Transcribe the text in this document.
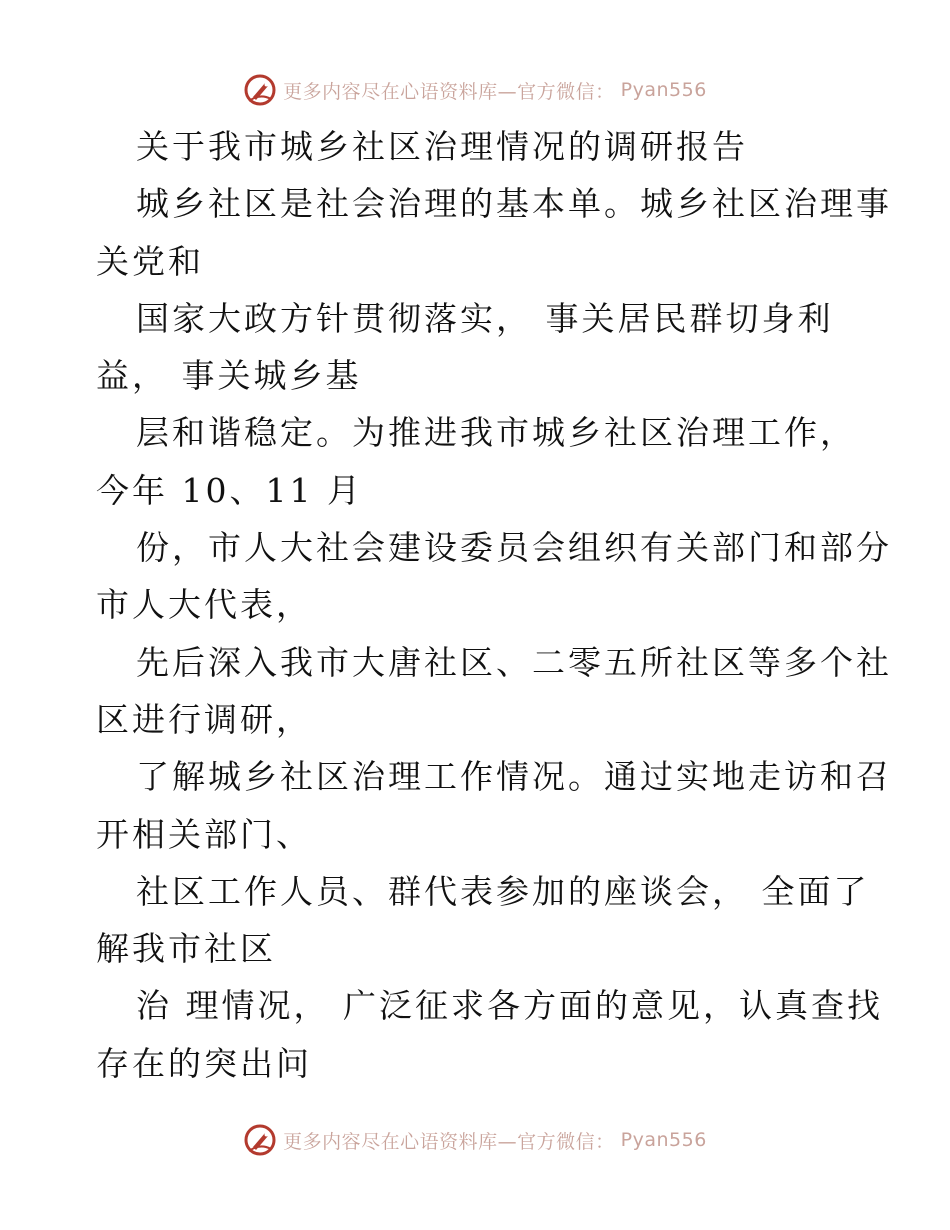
更多内容尽在心语资料库—官方微信： Pyan556
关于我市城乡社区治理情况的调研报告
城乡社区是社会治理的基本单。城乡社区治理事
关党和
国家大政方针贯彻落实， 事关居民群切身利
益， 事关城乡基
层和谐稳定。为推进我市城乡社区治理工作，
今年 10、11 月
份，市人大社会建设委员会组织有关部门和部分
市人大代表，
先后深入我市大唐社区、二零五所社区等多个社
区进行调研，
了解城乡社区治理工作情况。通过实地走访和召
开相关部门、
社区工作人员、群代表参加的座谈会， 全面了
解我市社区
治 理情况， 广泛征求各方面的意见，认真查找
存在的突出问
更多内容尽在心语资料库—官方微信： Pyan556
